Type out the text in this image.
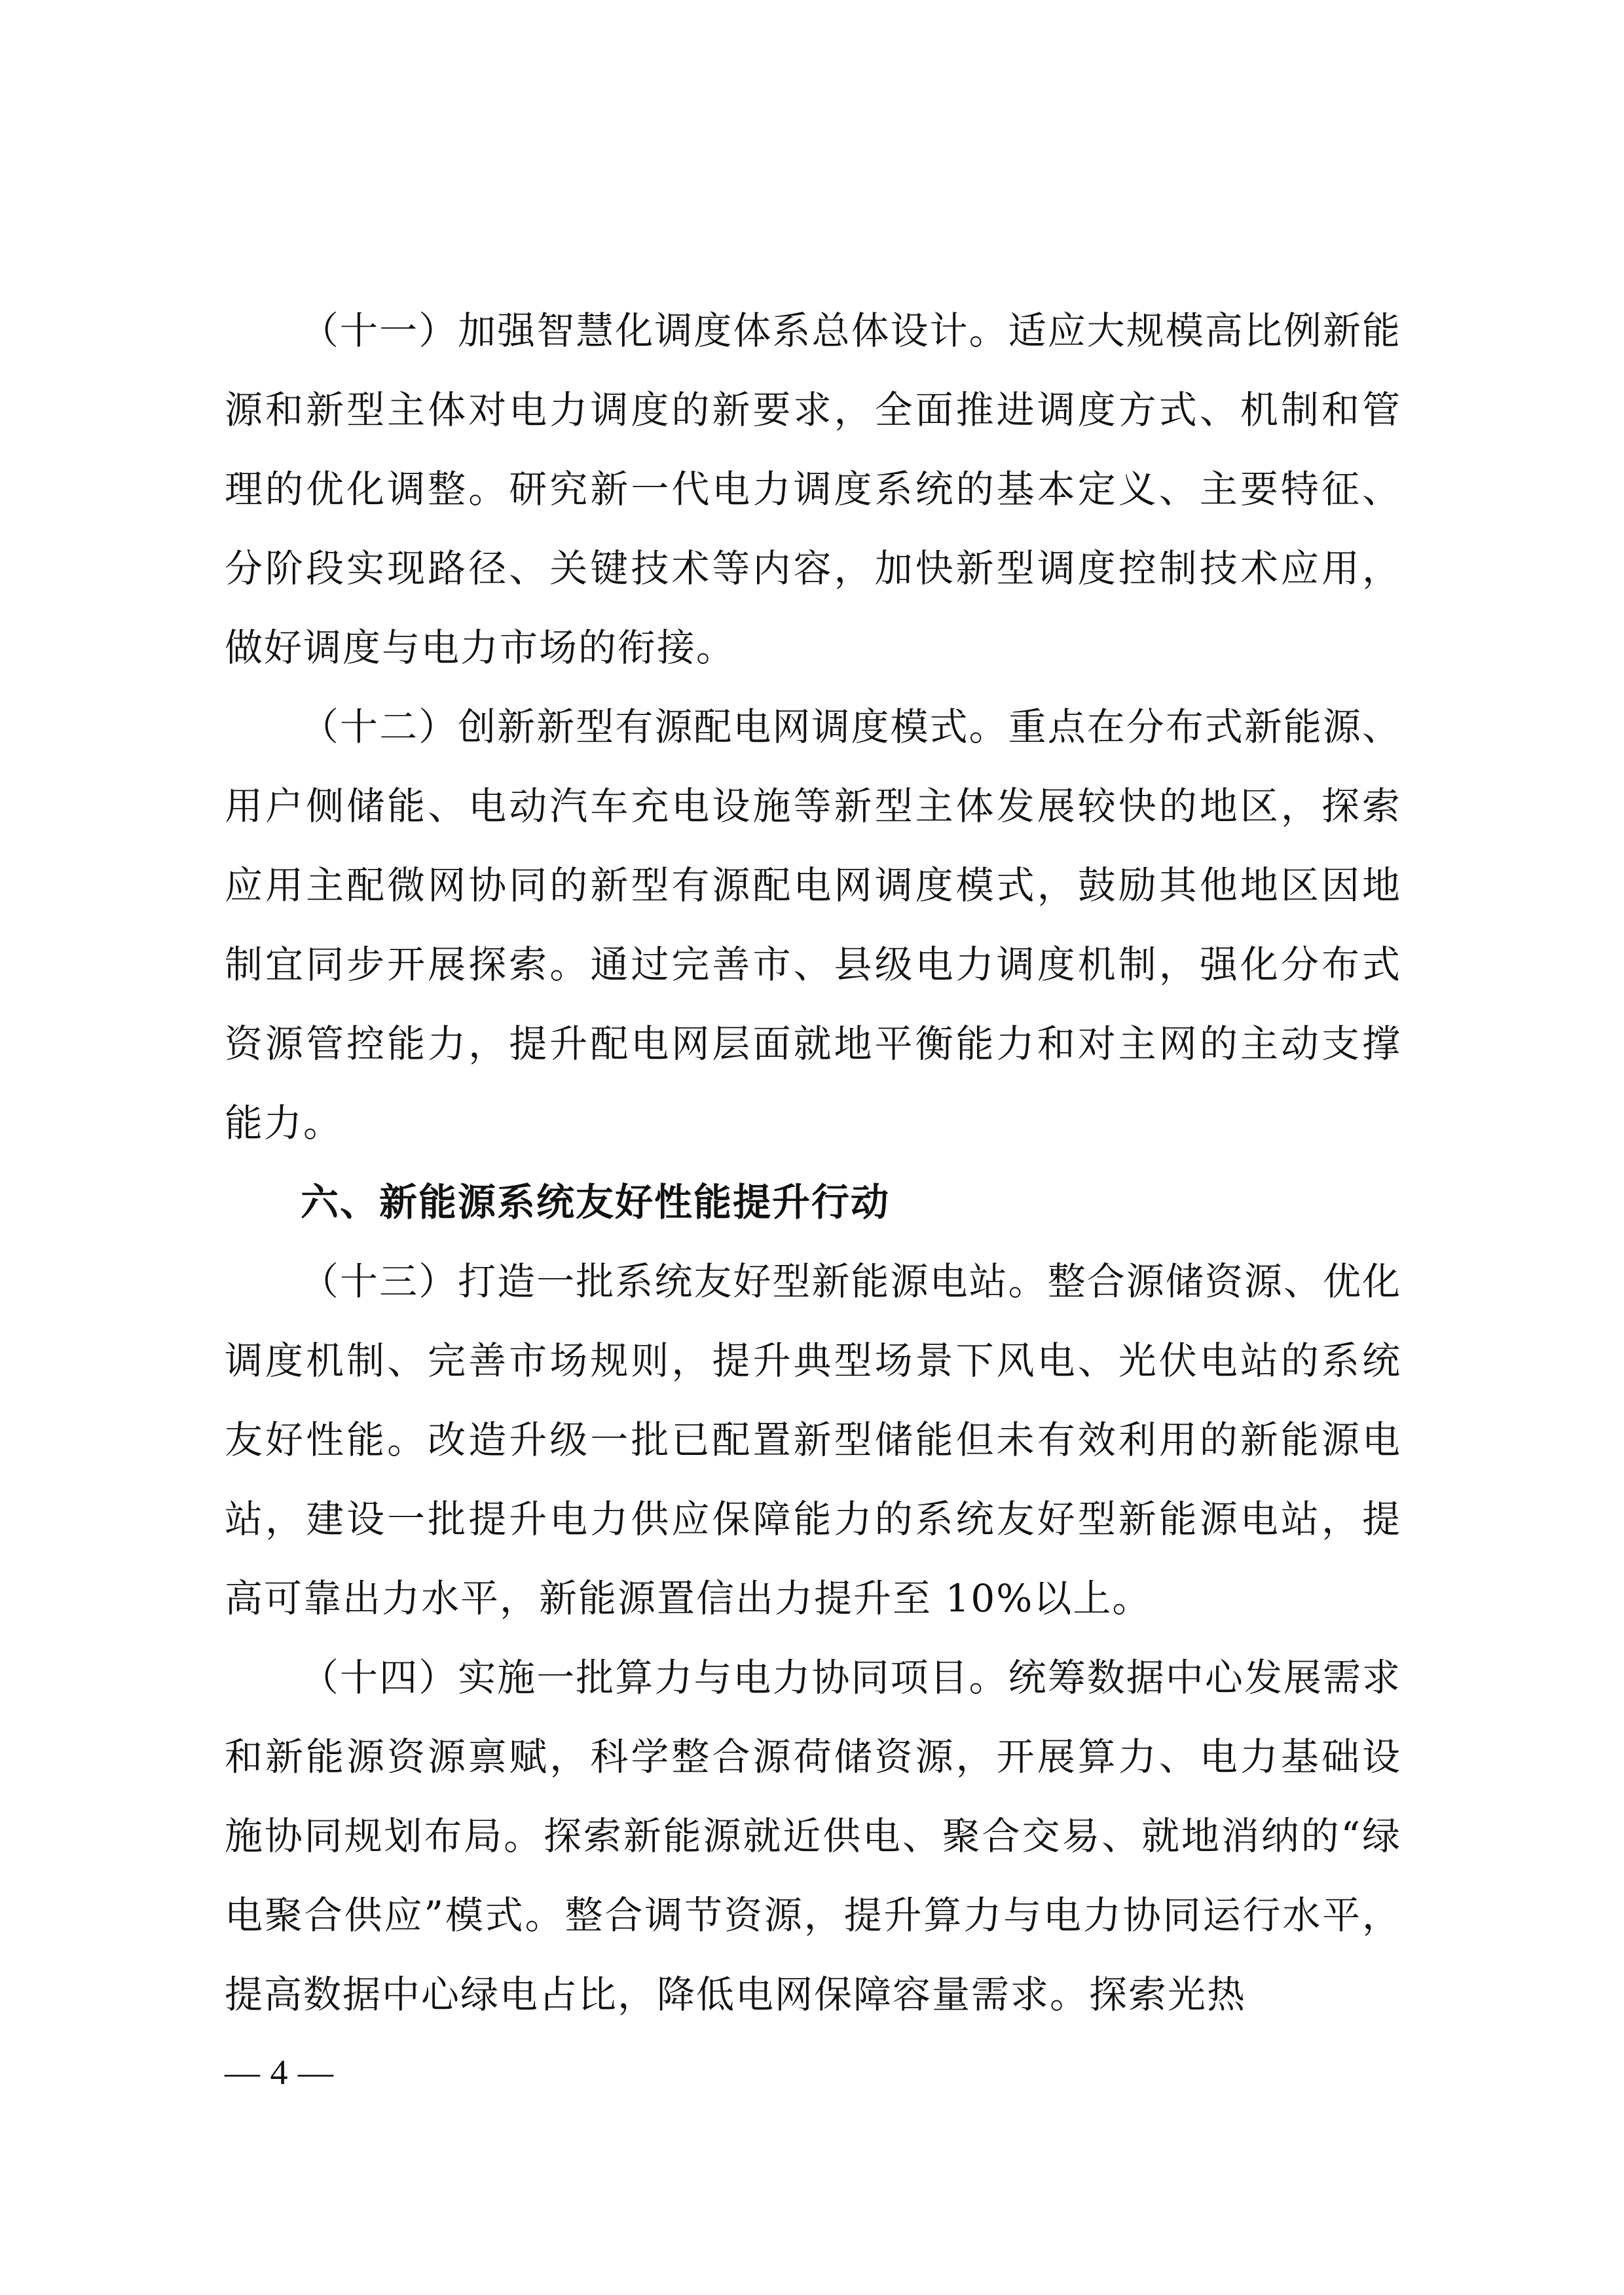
（十一）加强智慧化调度体系总体设计。适应大规模高比例新能源和新型主体对电力调度的新要求，全面推进调度方式、机制和管理的优化调整。研究新一代电力调度系统的基本定义、主要特征、分阶段实现路径、关键技术等内容，加快新型调度控制技术应用，做好调度与电力市场的衔接。

（十二）创新新型有源配电网调度模式。重点在分布式新能源、用户侧储能、电动汽车充电设施等新型主体发展较快的地区，探索应用主配微网协同的新型有源配电网调度模式，鼓励其他地区因地制宜同步开展探索。通过完善市、县级电力调度机制，强化分布式资源管控能力，提升配电网层面就地平衡能力和对主网的主动支撑能力。

六、新能源系统友好性能提升行动

（十三）打造一批系统友好型新能源电站。整合源储资源、优化调度机制、完善市场规则，提升典型场景下风电、光伏电站的系统友好性能。改造升级一批已配置新型储能但未有效利用的新能源电站，建设一批提升电力供应保障能力的系统友好型新能源电站，提高可靠出力水平，新能源置信出力提升至 10%以上。

（十四）实施一批算力与电力协同项目。统筹数据中心发展需求和新能源资源禀赋，科学整合源荷储资源，开展算力、电力基础设施协同规划布局。探索新能源就近供电、聚合交易、就地消纳的“绿电聚合供应”模式。整合调节资源，提升算力与电力协同运行水平，提高数据中心绿电占比，降低电网保障容量需求。探索光热

— 4 —
